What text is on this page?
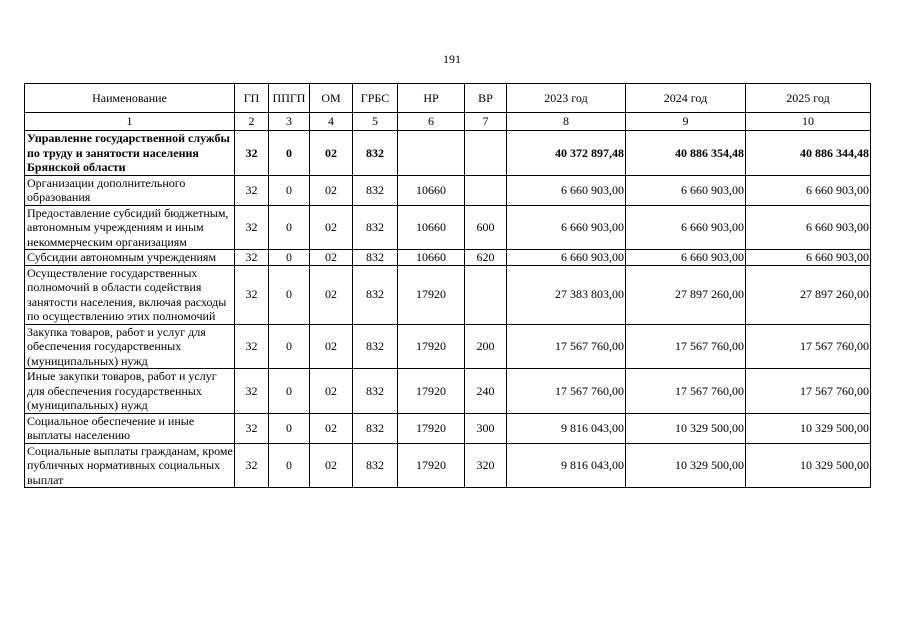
191
Наименование	ГП	ППГП	ОМ	ГРБС	НР	ВР	2023 год	2024 год	2025 год
1	2	3	4	5	6	7	8	9	10
Управление государственной службы по труду и занятости населения Брянской области	32	0	02	832			40 372 897,48	40 886 354,48	40 886 344,48
Организации дополнительного образования	32	0	02	832	10660		6 660 903,00	6 660 903,00	6 660 903,00
Предоставление субсидий бюджетным, автономным учреждениям и иным некоммерческим организациям	32	0	02	832	10660	600	6 660 903,00	6 660 903,00	6 660 903,00
Субсидии автономным учреждениям	32	0	02	832	10660	620	6 660 903,00	6 660 903,00	6 660 903,00
Осуществление государственных полномочий в области содействия занятости населения, включая расходы по осуществлению этих полномочий	32	0	02	832	17920		27 383 803,00	27 897 260,00	27 897 260,00
Закупка товаров, работ и услуг для обеспечения государственных (муниципальных) нужд	32	0	02	832	17920	200	17 567 760,00	17 567 760,00	17 567 760,00
Иные закупки товаров, работ и услуг для обеспечения государственных (муниципальных) нужд	32	0	02	832	17920	240	17 567 760,00	17 567 760,00	17 567 760,00
Социальное обеспечение и иные выплаты населению	32	0	02	832	17920	300	9 816 043,00	10 329 500,00	10 329 500,00
Социальные выплаты гражданам, кроме публичных нормативных социальных выплат	32	0	02	832	17920	320	9 816 043,00	10 329 500,00	10 329 500,00
